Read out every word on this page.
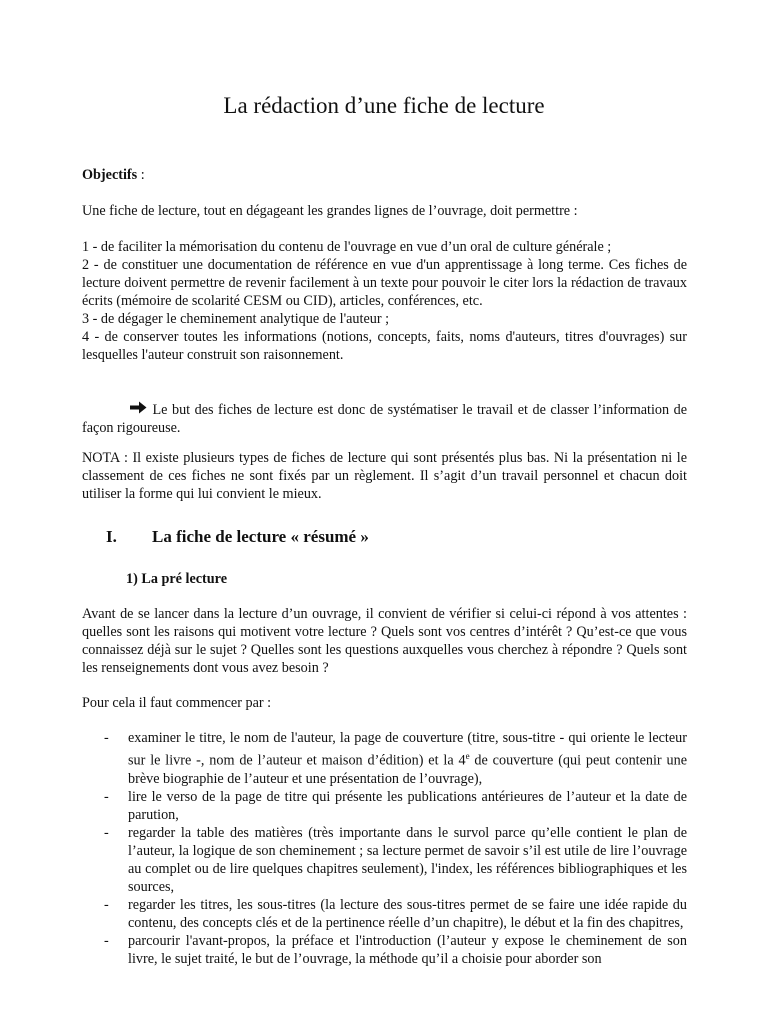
La rédaction d’une fiche de lecture
Objectifs :
Une fiche de lecture, tout en dégageant les grandes lignes de l’ouvrage, doit permettre :
1 - de faciliter la mémorisation du contenu de l'ouvrage en vue d’un oral de culture générale ;
2 - de constituer une documentation de référence en vue d'un apprentissage à long terme. Ces fiches de lecture doivent permettre de revenir facilement à un texte pour pouvoir le citer lors la rédaction de travaux écrits (mémoire de scolarité CESM ou CID), articles, conférences, etc.
3 - de dégager le cheminement analytique de l'auteur ;
4 - de conserver toutes les informations (notions, concepts, faits, noms d'auteurs, titres d'ouvrages) sur lesquelles l'auteur construit son raisonnement.
Le but des fiches de lecture est donc de systématiser le travail et de classer l’information de façon rigoureuse.
NOTA : Il existe plusieurs types de fiches de lecture qui sont présentés plus bas. Ni la présentation ni le classement de ces fiches ne sont fixés par un règlement. Il s’agit d’un travail personnel et chacun doit utiliser la forme qui lui convient le mieux.
I. La fiche de lecture « résumé »
1) La pré lecture
Avant de se lancer dans la lecture d’un ouvrage, il convient de vérifier si celui-ci répond à vos attentes : quelles sont les raisons qui motivent votre lecture ? Quels sont vos centres d’intérêt ? Qu’est-ce que vous connaissez déjà sur le sujet ? Quelles sont les questions auxquelles vous cherchez à répondre ? Quels sont les renseignements dont vous avez besoin ?
Pour cela il faut commencer par :
- examiner le titre, le nom de l'auteur, la page de couverture (titre, sous-titre - qui oriente le lecteur sur le livre -, nom de l’auteur et maison d’édition) et la 4e de couverture (qui peut contenir une brève biographie de l’auteur et une présentation de l’ouvrage),
- lire le verso de la page de titre qui présente les publications antérieures de l’auteur et la date de parution,
- regarder la table des matières (très importante dans le survol parce qu’elle contient le plan de l’auteur, la logique de son cheminement ; sa lecture permet de savoir s’il est utile de lire l’ouvrage au complet ou de lire quelques chapitres seulement), l'index, les références bibliographiques et les sources,
- regarder les titres, les sous-titres (la lecture des sous-titres permet de se faire une idée rapide du contenu, des concepts clés et de la pertinence réelle d’un chapitre), le début et la fin des chapitres,
- parcourir l'avant-propos, la préface et l'introduction (l’auteur y expose le cheminement de son livre, le sujet traité, le but de l’ouvrage, la méthode qu’il a choisie pour aborder son
